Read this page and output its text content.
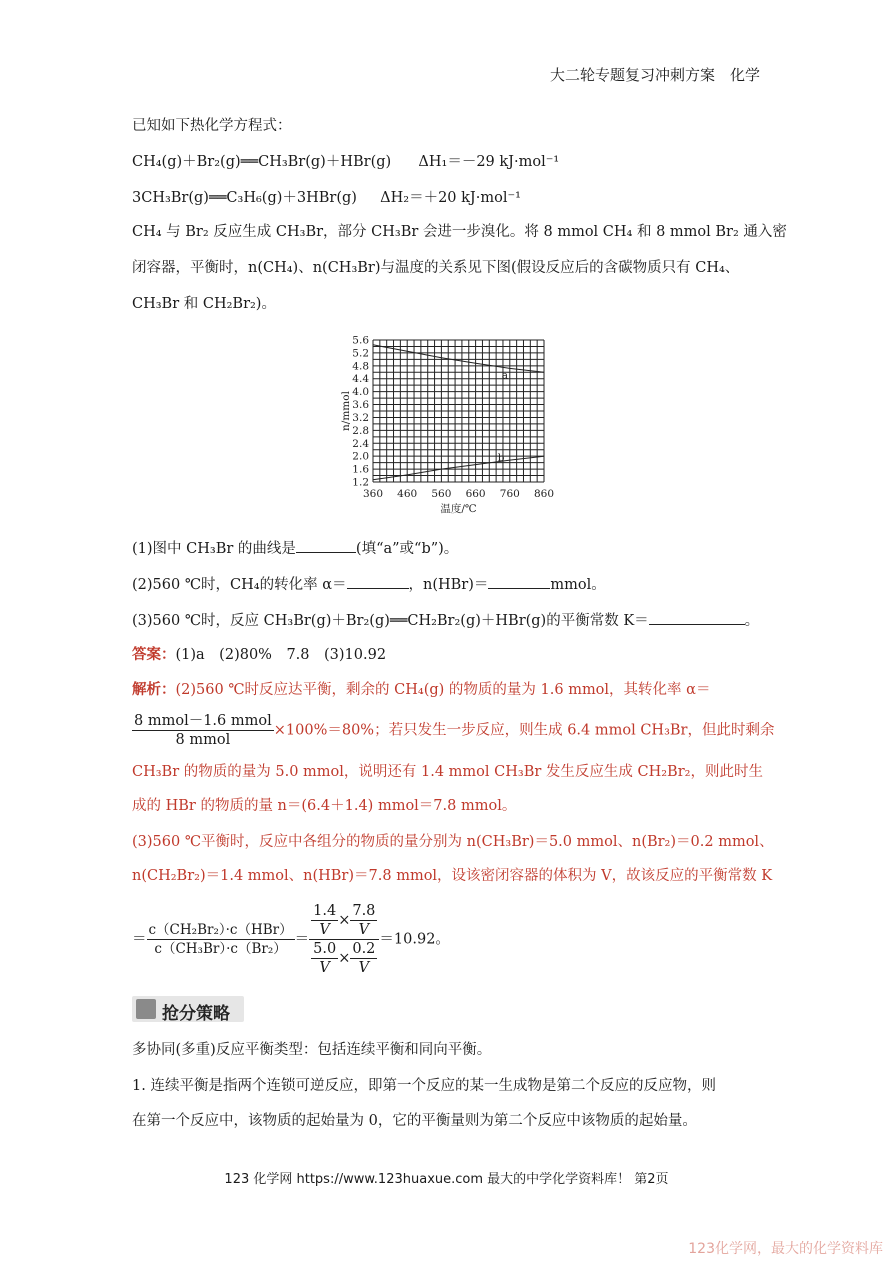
大二轮专题复习冲刺方案　化学
已知如下热化学方程式：
CH₄(g)＋Br₂(g)══CH₃Br(g)＋HBr(g) ΔH₁＝－29 kJ·mol⁻¹
3CH₃Br(g)══C₃H₆(g)＋3HBr(g) ΔH₂＝＋20 kJ·mol⁻¹
CH₄ 与 Br₂ 反应生成 CH₃Br，部分 CH₃Br 会进一步溴化。将 8 mmol CH₄ 和 8 mmol Br₂ 通入密
闭容器，平衡时，n(CH₄)、n(CH₃Br)与温度的关系见下图(假设反应后的含碳物质只有 CH₄、
CH₃Br 和 CH₂Br₂)。
5.6
5.2
4.8
4.4
4.0
3.6
3.2
2.8
2.4
2.0
1.6
1.2
360 460 560 660 760 860
a
b
温度/℃
n/mmol
(1)图中 CH₃Br 的曲线是	(填“a”或“b”)。
(2)560 ℃时，CH₄的转化率 α＝	，n(HBr)＝	mmol。
(3)560 ℃时，反应 CH₃Br(g)＋Br₂(g)══CH₂Br₂(g)＋HBr(g)的平衡常数 K＝	。
答案：(1)a　(2)80%　7.8　(3)10.92
解析：(2)560 ℃时反应达平衡，剩余的 CH₄(g) 的物质的量为 1.6 mmol，其转化率 α＝
$\frac{\text{8 mmol－1.6 mmol}}{\text{8 mmol}} \times 100\%=80\%$；若只发生一步反应，则生成 6.4 mmol CH₃Br，但此时剩余
CH₃Br 的物质的量为 5.0 mmol，说明还有 1.4 mmol CH₃Br 发生反应生成 CH₂Br₂，则此时生
成的 HBr 的物质的量 n＝(6.4＋1.4) mmol＝7.8 mmol。
(3)560 ℃平衡时，反应中各组分的物质的量分别为 n(CH₃Br)＝5.0 mmol、n(Br₂)＝0.2 mmol、
n(CH₂Br₂)＝1.4 mmol、n(HBr)＝7.8 mmol，设该密闭容器的体积为 V，故该反应的平衡常数 K
＝ $\frac{\text{c（CH₂Br₂）·c（HBr）}}{\text{c（CH₃Br）·c（Br₂）}} = \frac{\frac{1.4}{V} \times \frac{7.8}{V}}{\frac{5.0}{V} \times \frac{0.2}{V}} =10.92$。
抢分策略
多协同(多重)反应平衡类型：包括连续平衡和同向平衡。
1. 连续平衡是指两个连锁可逆反应，即第一个反应的某一生成物是第二个反应的反应物，则
在第一个反应中，该物质的起始量为 0，它的平衡量则为第二个反应中该物质的起始量。
123 化学网 https://www.123huaxue.com 最大的中学化学资料库！ 第2页
123化学网，最大的化学资料库
